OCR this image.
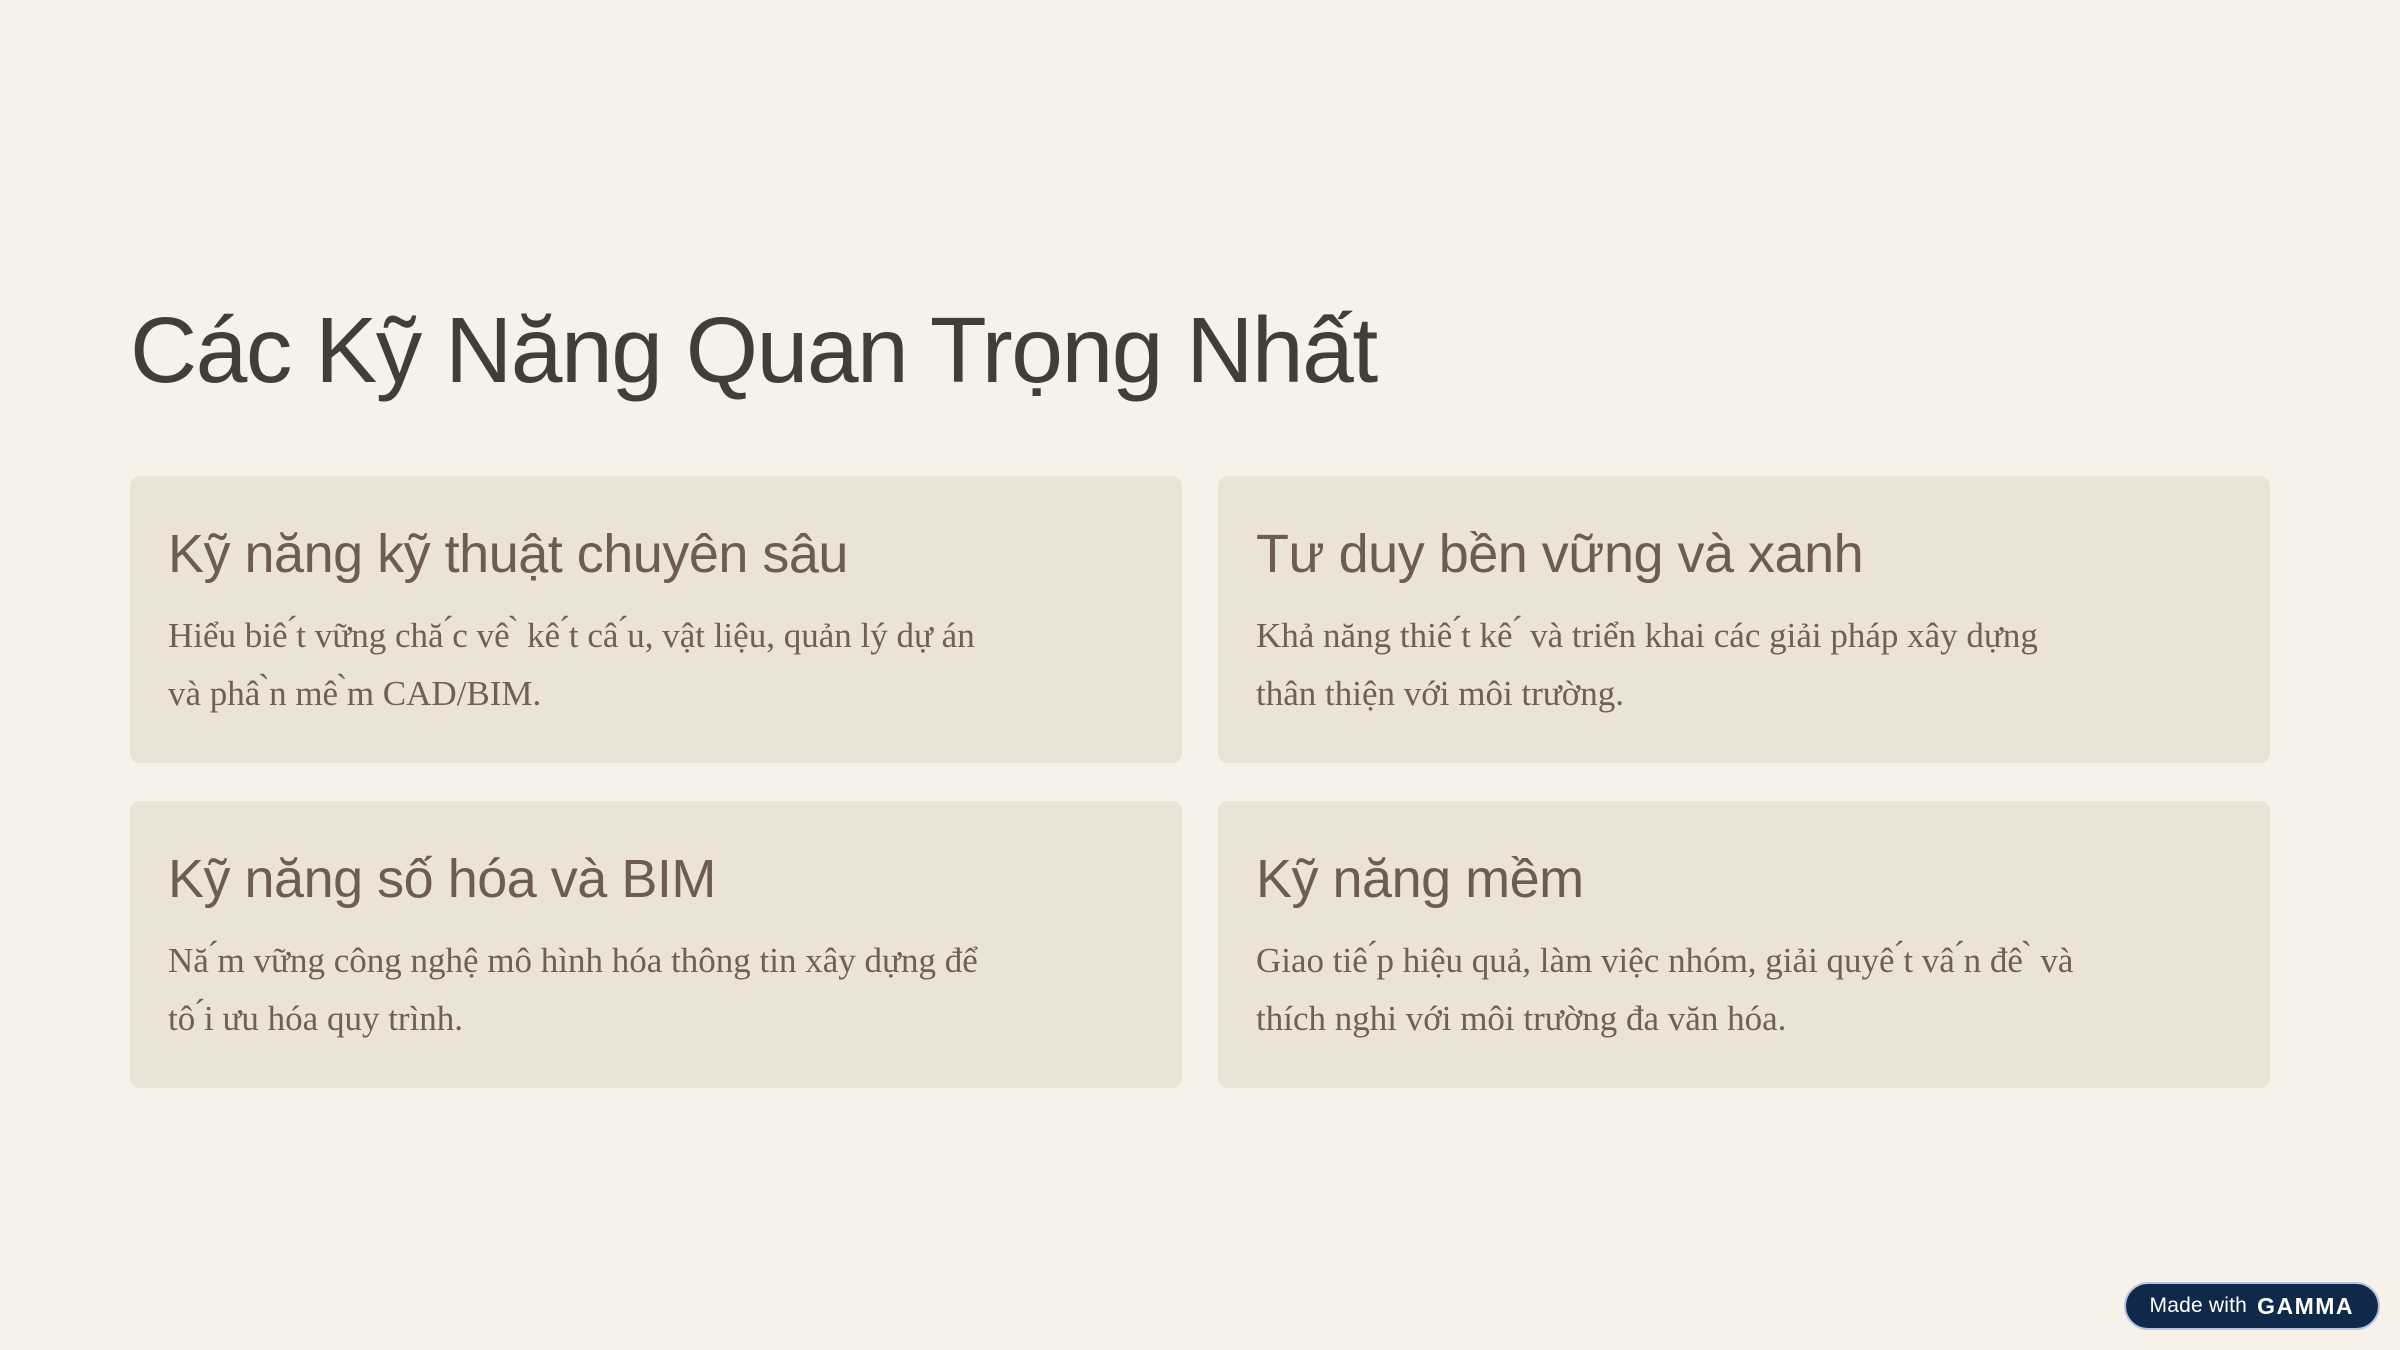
Các Kỹ Năng Quan Trọng Nhất
Kỹ năng kỹ thuật chuyên sâu
Hiểu biê ́t vững chă ́c vê ̀ kê ́t câ ́u, vật liệu, quản lý dự án
và phâ ̀n mê ̀m CAD/BIM.
Tư duy bền vững và xanh
Khả năng thiê ́t kê ́ và triển khai các giải pháp xây dựng
thân thiện với môi trường.
Kỹ năng số hóa và BIM
Nă ́m vững công nghệ mô hình hóa thông tin xây dựng để
tô ́i ưu hóa quy trình.
Kỹ năng mềm
Giao tiê ́p hiệu quả, làm việc nhóm, giải quyê ́t vâ ́n đê ̀ và
thích nghi với môi trường đa văn hóa.
Made with GAMMA
